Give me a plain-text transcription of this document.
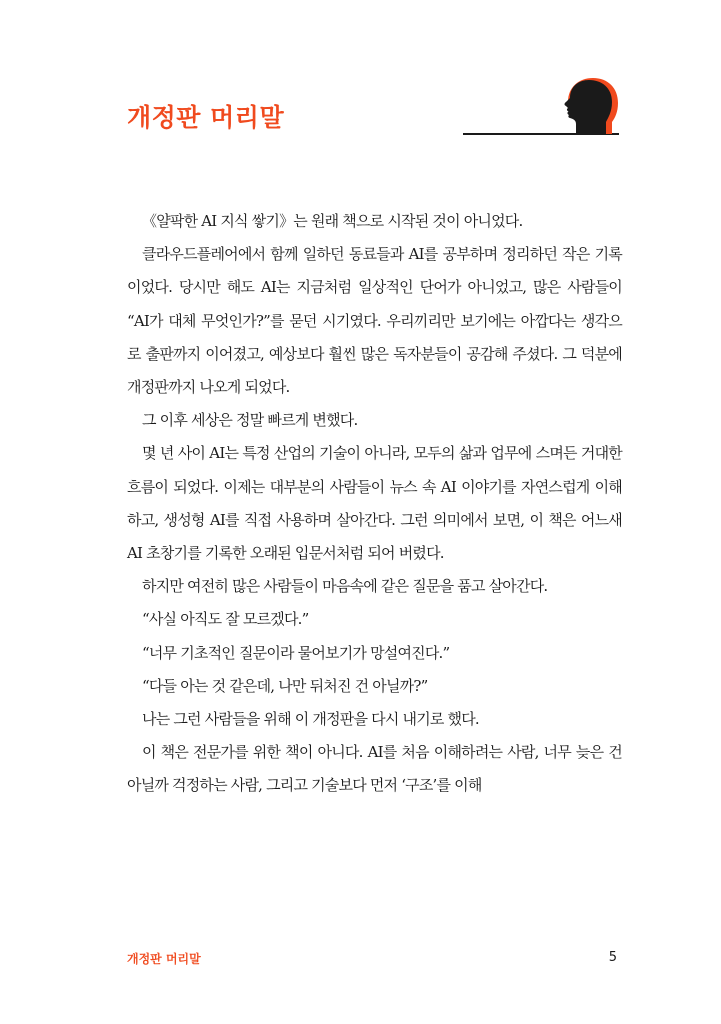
개정판 머리말

《얄팍한 AI 지식 쌓기》는 원래 책으로 시작된 것이 아니었다.

클라우드플레어에서 함께 일하던 동료들과 AI를 공부하며 정리하던 작은 기록이었다. 당시만 해도 AI는 지금처럼 일상적인 단어가 아니었고, 많은 사람들이 “AI가 대체 무엇인가?”를 묻던 시기였다. 우리끼리만 보기에는 아깝다는 생각으로 출판까지 이어졌고, 예상보다 훨씬 많은 독자분들이 공감해 주셨다. 그 덕분에 개정판까지 나오게 되었다.

그 이후 세상은 정말 빠르게 변했다.

몇 년 사이 AI는 특정 산업의 기술이 아니라, 모두의 삶과 업무에 스며든 거대한 흐름이 되었다. 이제는 대부분의 사람들이 뉴스 속 AI 이야기를 자연스럽게 이해하고, 생성형 AI를 직접 사용하며 살아간다. 그런 의미에서 보면, 이 책은 어느새 AI 초창기를 기록한 오래된 입문서처럼 되어 버렸다.

하지만 여전히 많은 사람들이 마음속에 같은 질문을 품고 살아간다.

“사실 아직도 잘 모르겠다.”

“너무 기초적인 질문이라 물어보기가 망설여진다.”

“다들 아는 것 같은데, 나만 뒤처진 건 아닐까?”

나는 그런 사람들을 위해 이 개정판을 다시 내기로 했다.

이 책은 전문가를 위한 책이 아니다. AI를 처음 이해하려는 사람, 너무 늦은 건 아닐까 걱정하는 사람, 그리고 기술보다 먼저 ‘구조’를 이해

개정판 머리말	5
